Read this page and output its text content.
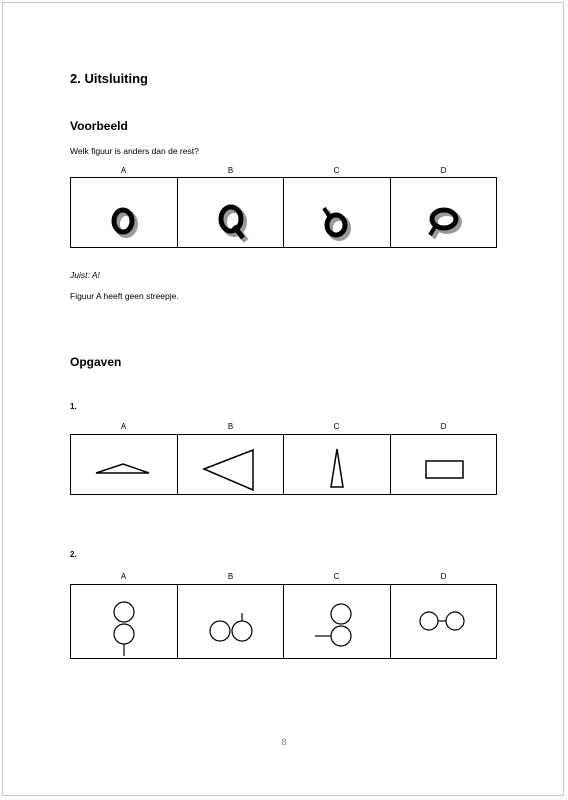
2. Uitsluiting
Voorbeeld
Welk figuur is anders dan de rest?
A	B	C	D
Juist: A!
Figuur A heeft geen streepje.
Opgaven
1.
A	B	C	D
2.
A	B	C	D
8
